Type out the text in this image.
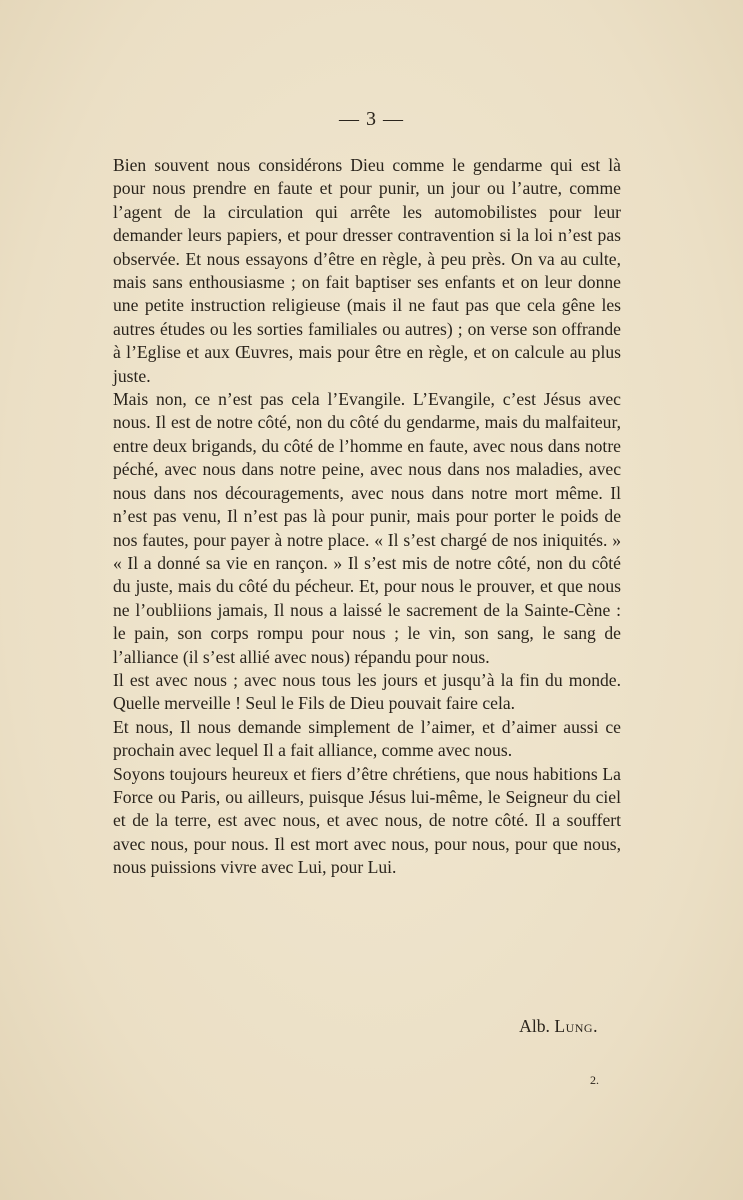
— 3 —

Bien souvent nous considérons Dieu comme le gendarme qui est là pour nous prendre en faute et pour punir, un jour ou l’autre, comme l’agent de la circulation qui arrête les automobilistes pour leur demander leurs papiers, et pour dresser contravention si la loi n’est pas observée. Et nous essayons d’être en règle, à peu près. On va au culte, mais sans enthousiasme ; on fait baptiser ses enfants et on leur donne une petite instruction religieuse (mais il ne faut pas que cela gêne les autres études ou les sorties familiales ou autres) ; on verse son offrande à l’Eglise et aux Œuvres, mais pour être en règle, et on calcule au plus juste.

Mais non, ce n’est pas cela l’Evangile. L’Evangile, c’est Jésus avec nous. Il est de notre côté, non du côté du gendarme, mais du malfaiteur, entre deux brigands, du côté de l’homme en faute, avec nous dans notre péché, avec nous dans notre peine, avec nous dans nos maladies, avec nous dans nos découragements, avec nous dans notre mort même. Il n’est pas venu, Il n’est pas là pour punir, mais pour porter le poids de nos fautes, pour payer à notre place. « Il s’est chargé de nos iniquités. » « Il a donné sa vie en rançon. » Il s’est mis de notre côté, non du côté du juste, mais du côté du pécheur. Et, pour nous le prouver, et que nous ne l’oubliions jamais, Il nous a laissé le sacrement de la Sainte-Cène : le pain, son corps rompu pour nous ; le vin, son sang, le sang de l’alliance (il s’est allié avec nous) répandu pour nous.

Il est avec nous ; avec nous tous les jours et jusqu’à la fin du monde. Quelle merveille ! Seul le Fils de Dieu pouvait faire cela.

Et nous, Il nous demande simplement de l’aimer, et d’aimer aussi ce prochain avec lequel Il a fait alliance, comme avec nous.

Soyons toujours heureux et fiers d’être chrétiens, que nous habitions La Force ou Paris, ou ailleurs, puisque Jésus lui-même, le Seigneur du ciel et de la terre, est avec nous, et avec nous, de notre côté. Il a souffert avec nous, pour nous. Il est mort avec nous, pour nous, pour que nous, nous puissions vivre avec Lui, pour Lui.

Alb. Lung.
2.
